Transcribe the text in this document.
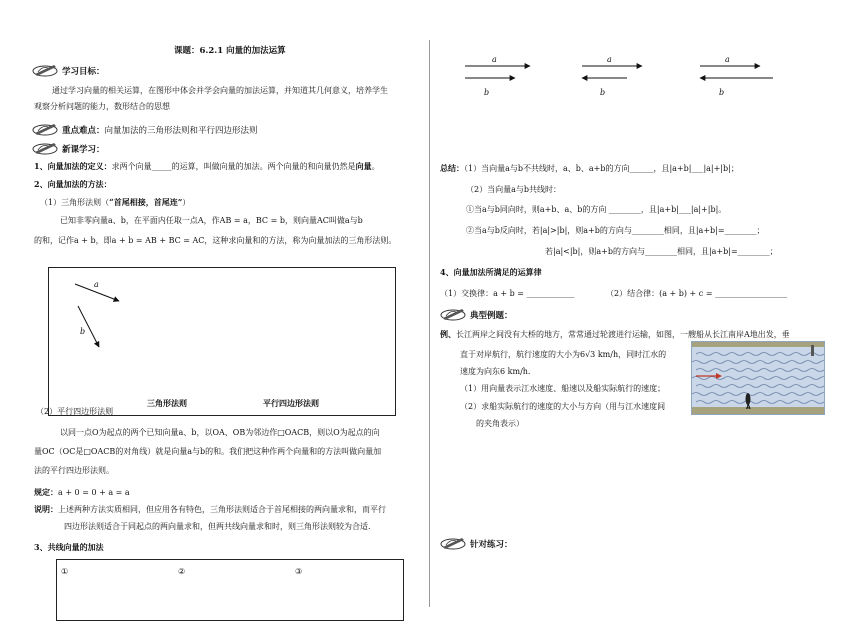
课题：6.2.1 向量的加法运算
学习目标：
通过学习向量的相关运算，在图形中体会并学会向量的加法运算，并知道其几何意义，培养学生
观察分析问题的能力，数形结合的思想
重点难点：向量加法的三角形法则和平行四边形法则
新课学习：
1、向量加法的定义：求两个向量_____的运算，叫做向量的加法。两个向量的和向量仍然是向量。
2、向量加法的方法：
（1）三角形法则（“首尾相接，首尾连”）
已知非零向量a、b，在平面内任取一点A，作AB = a，BC = b，则向量AC叫做a与b
的和，记作a + b，即a + b = AB + BC = AC，这种求向量和的方法，称为向量加法的三角形法则。
a
b
三角形法则	平行四边形法则
（2）平行四边形法则
以同一点O为起点的两个已知向量a、b，以OA、OB为邻边作□OACB，则以O为起点的向
量OC（OC是□OACB的对角线）就是向量a与b的和。我们把这种作两个向量和的方法叫做向量加
法的平行四边形法则。
规定：a + 0 = 0 + a = a
说明：上述两种方法实质相同，但应用各有特色，三角形法则适合于首尾相接的两向量求和，而平行
四边形法则适合于同起点的两向量求和，但两共线向量求和时，则三角形法则较为合适.
3、共线向量的加法
①	②	③
a
b
a
b
a
b
总结：（1）当向量a与b不共线时，a、b、a+b的方向______，且|a+b|___|a|+|b|；
（2）当向量a与b共线时：
①当a与b同向时，则a+b、a、b的方向 ________，且|a+b|___|a|+|b|。
②当a与b反向时，若|a|>|b|，则a+b的方向与________相同，且|a+b|=________；
若|a|<|b|，则a+b的方向与________相同，且|a+b|=________；
4、向量加法所满足的运算律
（1）交换律：a + b = ____________	（2）结合律：(a + b) + c = __________________
典型例题：
例、长江两岸之间没有大桥的地方，常常通过轮渡进行运输，如图，一艘船从长江南岸A地出发，垂
直于对岸航行，航行速度的大小为6√3 km/h，同时江水的
速度为向东6 km/h.
（1）用向量表示江水速度、船速以及船实际航行的速度；
（2）求船实际航行的速度的大小与方向（用与江水速度间
的夹角表示）
A
针对练习：
